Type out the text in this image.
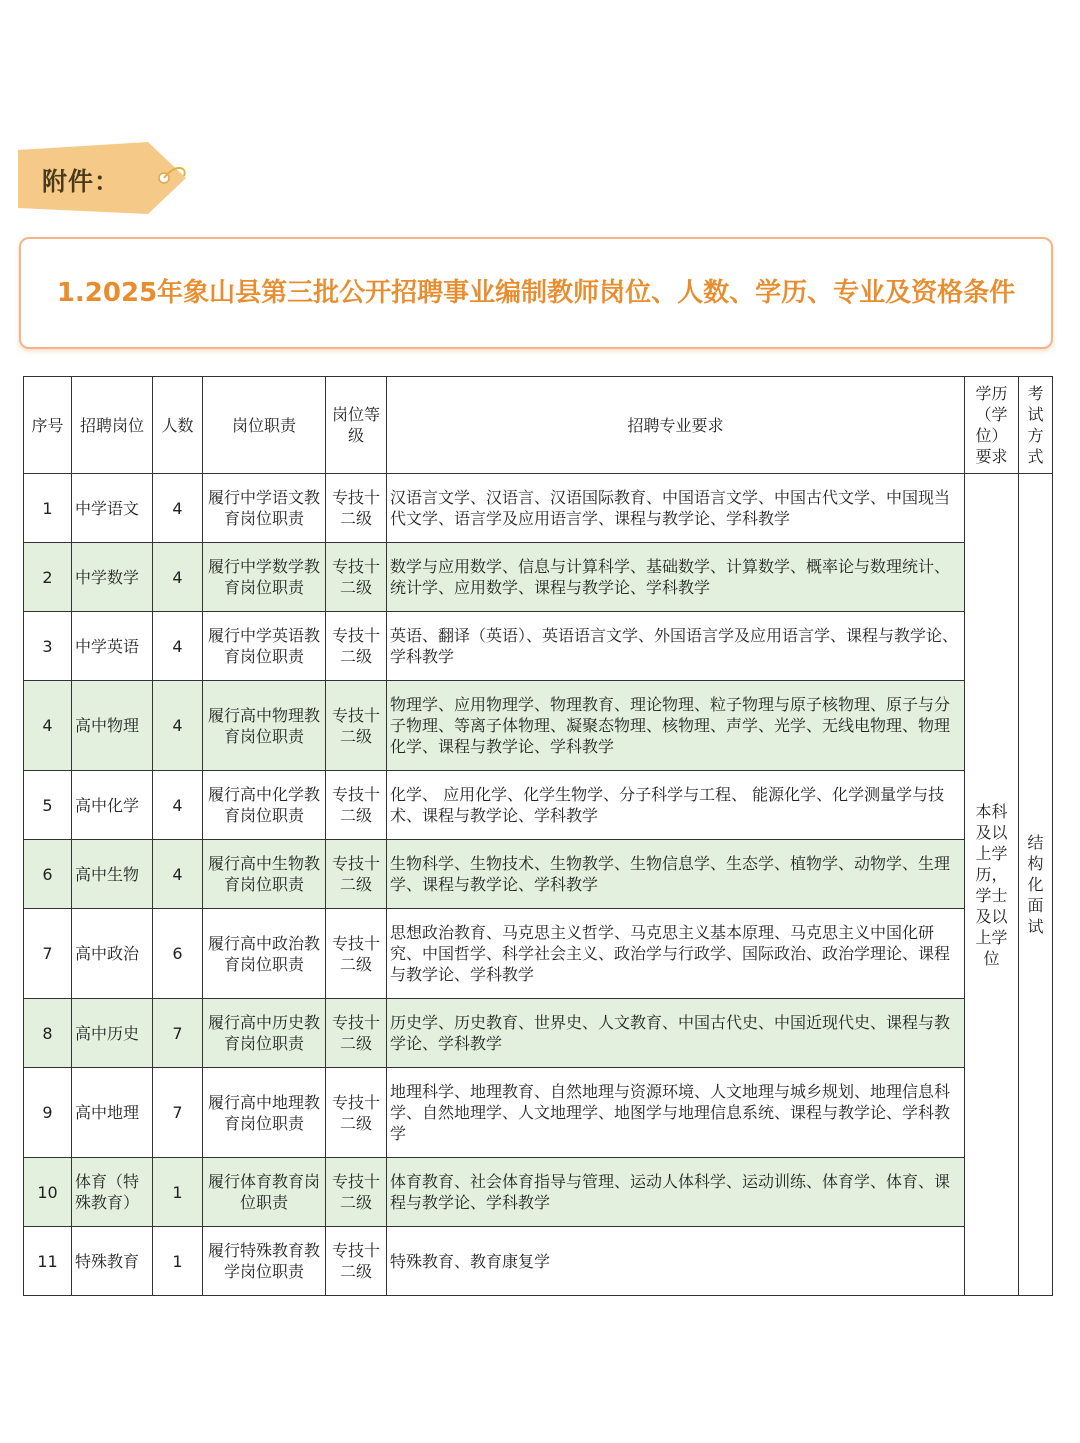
附件：
1.2025年象山县第三批公开招聘事业编制教师岗位、人数、学历、专业及资格条件
序号	招聘岗位	人数	岗位职责	岗位等级	招聘专业要求	学历（学位）要求	考试方式
1	中学语文	4	履行中学语文教育岗位职责	专技十二级	汉语言文学、汉语言、汉语国际教育、中国语言文学、中国古代文学、中国现当代文学、语言学及应用语言学、课程与教学论、学科教学	本科及以上学历，学士及以上学位	结构化面试
2	中学数学	4	履行中学数学教育岗位职责	专技十二级	数学与应用数学、信息与计算科学、基础数学、计算数学、概率论与数理统计、统计学、应用数学、课程与教学论、学科教学		
3	中学英语	4	履行中学英语教育岗位职责	专技十二级	英语、翻译（英语）、英语语言文学、外国语言学及应用语言学、课程与教学论、学科教学		
4	高中物理	4	履行高中物理教育岗位职责	专技十二级	物理学、应用物理学、物理教育、理论物理、粒子物理与原子核物理、原子与分子物理、等离子体物理、凝聚态物理、核物理、声学、光学、无线电物理、物理化学、课程与教学论、学科教学		
5	高中化学	4	履行高中化学教育岗位职责	专技十二级	化学、 应用化学、化学生物学、分子科学与工程、 能源化学、化学测量学与技术、课程与教学论、学科教学		
6	高中生物	4	履行高中生物教育岗位职责	专技十二级	生物科学、生物技术、生物教学、生物信息学、生态学、植物学、动物学、生理学、课程与教学论、学科教学		
7	高中政治	6	履行高中政治教育岗位职责	专技十二级	思想政治教育、马克思主义哲学、马克思主义基本原理、马克思主义中国化研究、中国哲学、科学社会主义、政治学与行政学、国际政治、政治学理论、课程与教学论、学科教学		
8	高中历史	7	履行高中历史教育岗位职责	专技十二级	历史学、历史教育、世界史、人文教育、中国古代史、中国近现代史、课程与教学论、学科教学		
9	高中地理	7	履行高中地理教育岗位职责	专技十二级	地理科学、地理教育、自然地理与资源环境、人文地理与城乡规划、地理信息科学、自然地理学、人文地理学、地图学与地理信息系统、课程与教学论、学科教学		
10	体育（特殊教育）	1	履行体育教育岗位职责	专技十二级	体育教育、社会体育指导与管理、运动人体科学、运动训练、体育学、体育、课程与教学论、学科教学		
11	特殊教育	1	履行特殊教育教学岗位职责	专技十二级	特殊教育、教育康复学		
